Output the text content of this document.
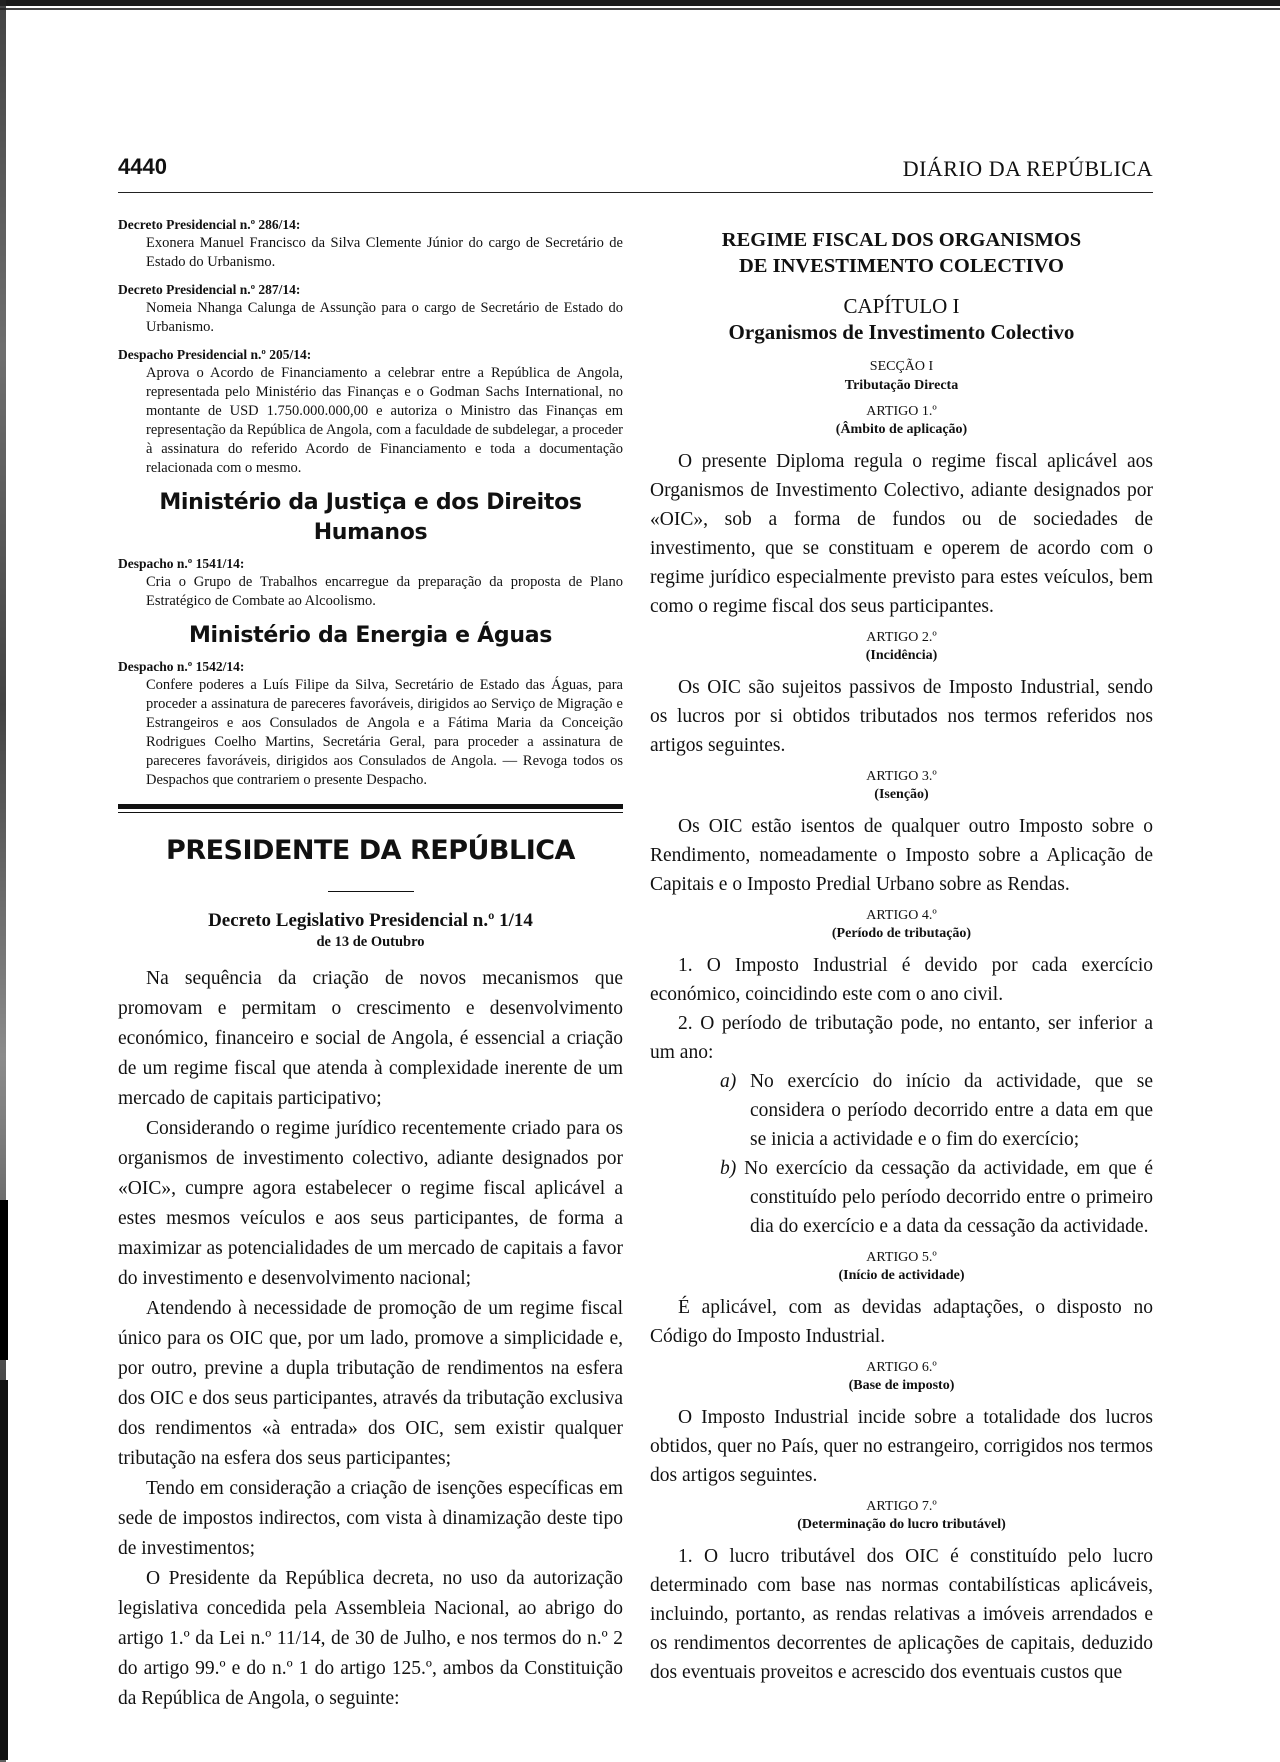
4440	DIÁRIO DA REPÚBLICA
Decreto Presidencial n.º 286/14:
Exonera Manuel Francisco da Silva Clemente Júnior do cargo de Secretário de Estado do Urbanismo.
Decreto Presidencial n.º 287/14:
Nomeia Nhanga Calunga de Assunção para o cargo de Secretário de Estado do Urbanismo.
Despacho Presidencial n.º 205/14:
Aprova o Acordo de Financiamento a celebrar entre a República de Angola, representada pelo Ministério das Finanças e o Godman Sachs International, no montante de USD 1.750.000.000,00 e autoriza o Ministro das Finanças em representação da República de Angola, com a faculdade de subdelegar, a proceder à assinatura do referido Acordo de Financiamento e toda a documentação relacionada com o mesmo.
Ministério da Justiça e dos Direitos Humanos
Despacho n.º 1541/14:
Cria o Grupo de Trabalhos encarregue da preparação da proposta de Plano Estratégico de Combate ao Alcoolismo.
Ministério da Energia e Águas
Despacho n.º 1542/14:
Confere poderes a Luís Filipe da Silva, Secretário de Estado das Águas, para proceder a assinatura de pareceres favoráveis, dirigidos ao Serviço de Migração e Estrangeiros e aos Consulados de Angola e a Fátima Maria da Conceição Rodrigues Coelho Martins, Secretária Geral, para proceder a assinatura de pareceres favoráveis, dirigidos aos Consulados de Angola. — Revoga todos os Despachos que contrariem o presente Despacho.
PRESIDENTE DA REPÚBLICA
Decreto Legislativo Presidencial n.º 1/14
de 13 de Outubro

Na sequência da criação de novos mecanismos que promovam e permitam o crescimento e desenvolvimento económico, financeiro e social de Angola, é essencial a criação de um regime fiscal que atenda à complexidade inerente de um mercado de capitais participativo;

Considerando o regime jurídico recentemente criado para os organismos de investimento colectivo, adiante designados por «OIC», cumpre agora estabelecer o regime fiscal aplicável a estes mesmos veículos e aos seus participantes, de forma a maximizar as potencialidades de um mercado de capitais a favor do investimento e desenvolvimento nacional;

Atendendo à necessidade de promoção de um regime fiscal único para os OIC que, por um lado, promove a simplicidade e, por outro, previne a dupla tributação de rendimentos na esfera dos OIC e dos seus participantes, através da tributação exclusiva dos rendimentos «à entrada» dos OIC, sem existir qualquer tributação na esfera dos seus participantes;

Tendo em consideração a criação de isenções específicas em sede de impostos indirectos, com vista à dinamização deste tipo de investimentos;

O Presidente da República decreta, no uso da autorização legislativa concedida pela Assembleia Nacional, ao abrigo do artigo 1.º da Lei n.º 11/14, de 30 de Julho, e nos termos do n.º 2 do artigo 99.º e do n.º 1 do artigo 125.º, ambos da Constituição da República de Angola, o seguinte:

REGIME FISCAL DOS ORGANISMOS
DE INVESTIMENTO COLECTIVO
CAPÍTULO I
Organismos de Investimento Colectivo
SECÇÃO I
Tributação Directa
ARTIGO 1.º
(Âmbito de aplicação)

O presente Diploma regula o regime fiscal aplicável aos Organismos de Investimento Colectivo, adiante designados por «OIC», sob a forma de fundos ou de sociedades de investimento, que se constituam e operem de acordo com o regime jurídico especialmente previsto para estes veículos, bem como o regime fiscal dos seus participantes.

ARTIGO 2.º
(Incidência)

Os OIC são sujeitos passivos de Imposto Industrial, sendo os lucros por si obtidos tributados nos termos referidos nos artigos seguintes.

ARTIGO 3.º
(Isenção)

Os OIC estão isentos de qualquer outro Imposto sobre o Rendimento, nomeadamente o Imposto sobre a Aplicação de Capitais e o Imposto Predial Urbano sobre as Rendas.

ARTIGO 4.º
(Período de tributação)

1. O Imposto Industrial é devido por cada exercício económico, coincidindo este com o ano civil.

2. O período de tributação pode, no entanto, ser inferior a um ano:

a) No exercício do início da actividade, que se considera o período decorrido entre a data em que se inicia a actividade e o fim do exercício;

b) No exercício da cessação da actividade, em que é constituído pelo período decorrido entre o primeiro dia do exercício e a data da cessação da actividade.

ARTIGO 5.º
(Início de actividade)

É aplicável, com as devidas adaptações, o disposto no Código do Imposto Industrial.

ARTIGO 6.º
(Base de imposto)

O Imposto Industrial incide sobre a totalidade dos lucros obtidos, quer no País, quer no estrangeiro, corrigidos nos termos dos artigos seguintes.

ARTIGO 7.º
(Determinação do lucro tributável)

1. O lucro tributável dos OIC é constituído pelo lucro determinado com base nas normas contabilísticas aplicáveis, incluindo, portanto, as rendas relativas a imóveis arrendados e os rendimentos decorrentes de aplicações de capitais, deduzido dos eventuais proveitos e acrescido dos eventuais custos que
